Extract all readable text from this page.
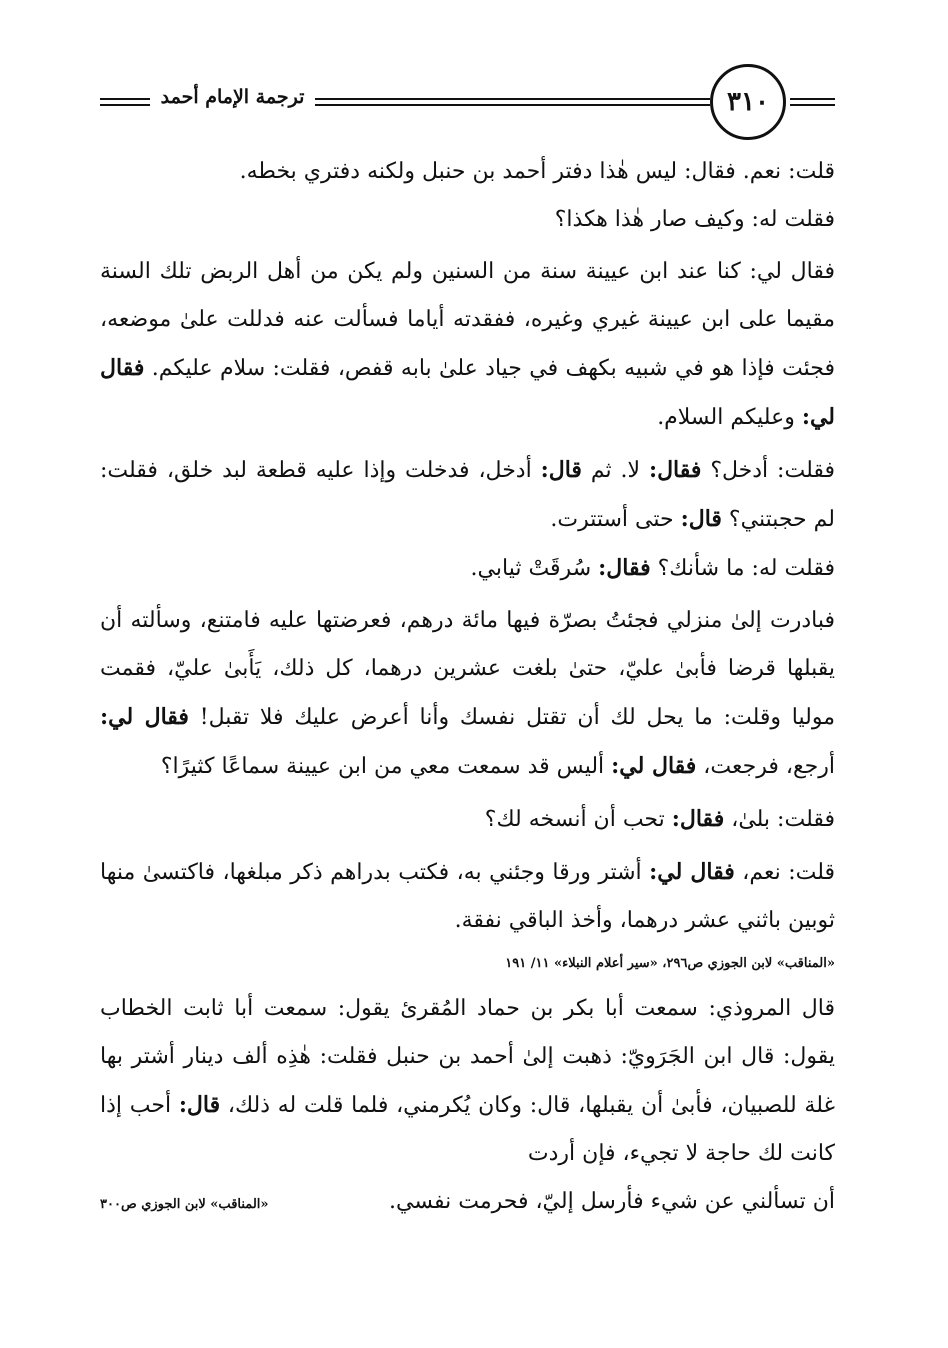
ترجمة الإمام أحمد	٣١٠

قلت: نعم. فقال: ليس هٰذا دفتر أحمد بن حنبل ولكنه دفتري بخطه.

فقلت له: وكيف صار هٰذا هكذا؟

فقال لي: كنا عند ابن عيينة سنة من السنين ولم يكن من أهل الربض تلك السنة مقيما على ابن عيينة غيري وغيره، ففقدته أياما فسألت عنه فدللت علىٰ موضعه، فجئت فإذا هو في شبيه بكهف في جياد علىٰ بابه قفص، فقلت: سلام عليكم. فقال لي: وعليكم السلام.

فقلت: أدخل؟ فقال: لا. ثم قال: أدخل، فدخلت وإذا عليه قطعة لبد خلق، فقلت: لم حجبتني؟ قال: حتى أستترت.

فقلت له: ما شأنك؟ فقال: سُرقَتْ ثيابي.

فبادرت إلىٰ منزلي فجئتُ بصرّة فيها مائة درهم، فعرضتها عليه فامتنع، وسألته أن يقبلها قرضا فأبىٰ عليّ، حتىٰ بلغت عشرين درهما، كل ذلك، يَأَبىٰ عليّ، فقمت موليا وقلت: ما يحل لك أن تقتل نفسك وأنا أعرض عليك فلا تقبل! فقال لي: أرجع، فرجعت، فقال لي: أليس قد سمعت معي من ابن عيينة سماعًا كثيرًا؟

فقلت: بلىٰ، فقال: تحب أن أنسخه لك؟

قلت: نعم، فقال لي: أشتر ورقا وجئني به، فكتب بدراهم ذكر مبلغها، فاكتسىٰ منها ثوبين باثني عشر درهما، وأخذ الباقي نفقة.

«المناقب» لابن الجوزي ص٢٩٦، «سير أعلام النبلاء» ١١/ ١٩١

قال المروذي: سمعت أبا بكر بن حماد المُقرئ يقول: سمعت أبا ثابت الخطاب يقول: قال ابن الجَرَويّ: ذهبت إلىٰ أحمد بن حنبل فقلت: هٰذِه ألف دينار أشتر بها غلة للصبيان، فأبىٰ أن يقبلها، قال: وكان يُكرمني، فلما قلت له ذلك، قال: أحب إذا كانت لك حاجة لا تجيء، فإن أردت

أن تسألني عن شيء فأرسل إليّ، فحرمت نفسي.
«المناقب» لابن الجوزي ص٣٠٠
